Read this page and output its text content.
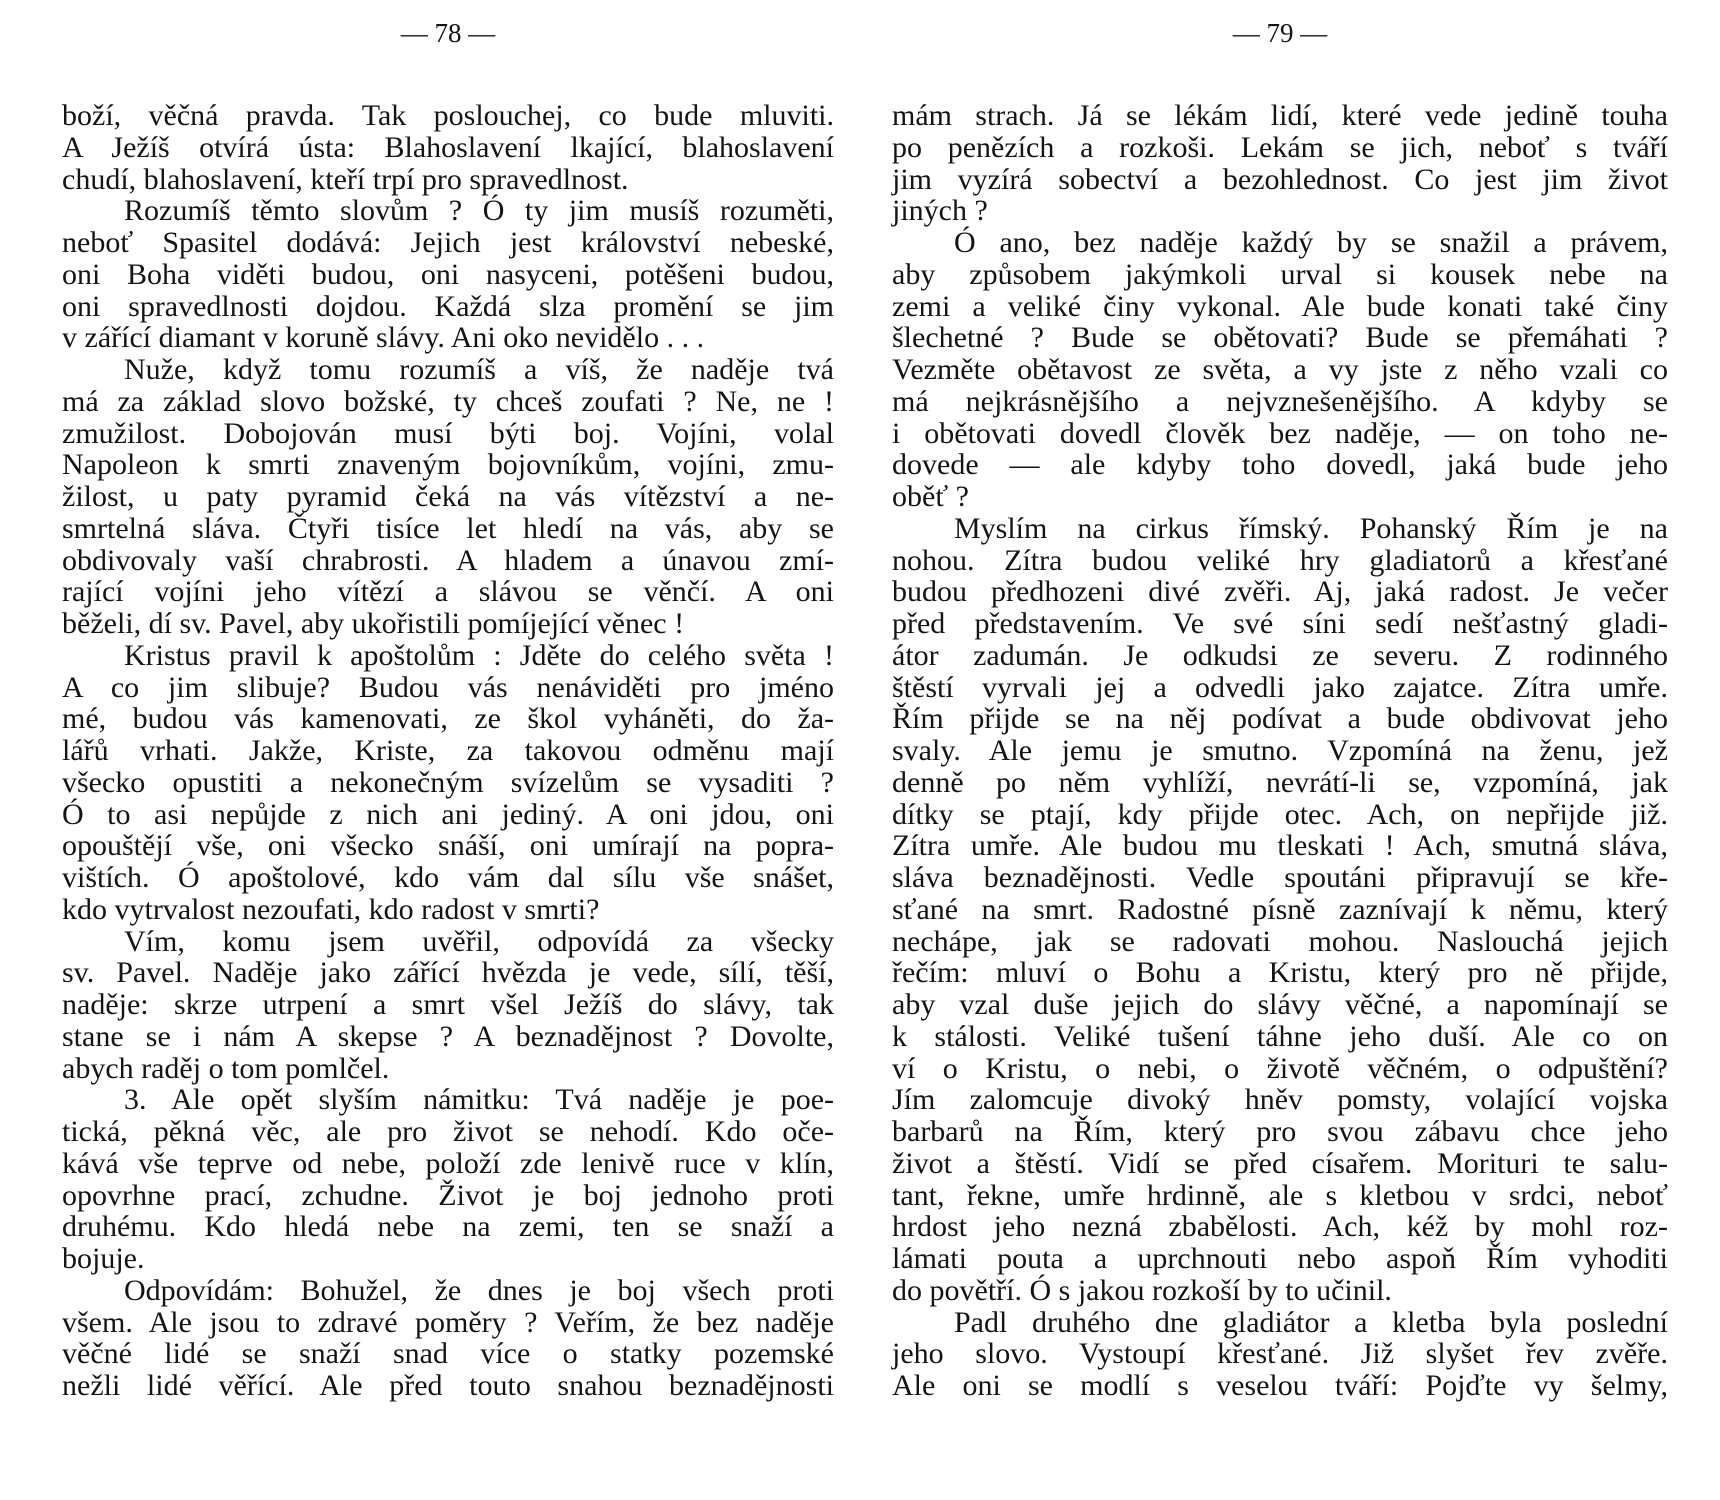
— 78 —
boží, věčná pravda. Tak poslouchej, co bude mluviti.
A Ježíš otvírá ústa: Blahoslavení lkající, blahoslavení
chudí, blahoslavení, kteří trpí pro spravedlnost.
Rozumíš těmto slovům ? Ó ty jim musíš rozuměti,
neboť Spasitel dodává: Jejich jest království nebeské,
oni Boha viděti budou, oni nasyceni, potěšeni budou,
oni spravedlnosti dojdou. Každá slza promění se jim
v zářící diamant v koruně slávy. Ani oko nevidělo . . .
Nuže, když tomu rozumíš a víš, že naděje tvá
má za základ slovo božské, ty chceš zoufati ? Ne, ne !
zmužilost. Dobojován musí býti boj. Vojíni, volal
Napoleon k smrti znaveným bojovníkům, vojíni, zmu-
žilost, u paty pyramid čeká na vás vítězství a ne-
smrtelná sláva. Čtyři tisíce let hledí na vás, aby se
obdivovaly vaší chrabrosti. A hladem a únavou zmí-
rající vojíni jeho vítězí a slávou se věnčí. A oni
běželi, dí sv. Pavel, aby ukořistili pomíjející věnec !
Kristus pravil k apoštolům : Jděte do celého světa !
A co jim slibuje? Budou vás nenáviděti pro jméno
mé, budou vás kamenovati, ze škol vyháněti, do ža-
lářů vrhati. Jakže, Kriste, za takovou odměnu mají
všecko opustiti a nekonečným svízelům se vysaditi ?
Ó to asi nepůjde z nich ani jediný. A oni jdou, oni
opouštějí vše, oni všecko snáší, oni umírají na popra-
vištích. Ó apoštolové, kdo vám dal sílu vše snášet,
kdo vytrvalost nezoufati, kdo radost v smrti?
Vím, komu jsem uvěřil, odpovídá za všecky
sv. Pavel. Naděje jako zářící hvězda je vede, sílí, těší,
naděje: skrze utrpení a smrt všel Ježíš do slávy, tak
stane se i nám A skepse ? A beznadějnost ? Dovolte,
abych raděj o tom pomlčel.
3. Ale opět slyším námitku: Tvá naděje je poe-
tická, pěkná věc, ale pro život se nehodí. Kdo oče-
kává vše teprve od nebe, položí zde lenivě ruce v klín,
opovrhne prací, zchudne. Život je boj jednoho proti
druhému. Kdo hledá nebe na zemi, ten se snaží a
bojuje.
Odpovídám: Bohužel, že dnes je boj všech proti
všem. Ale jsou to zdravé poměry ? Veřím, že bez naděje
věčné lidé se snaží snad více o statky pozemské
nežli lidé věřící. Ale před touto snahou beznadějnosti
— 79 —
mám strach. Já se lékám lidí, které vede jedině touha
po penězích a rozkoši. Lekám se jich, neboť s tváří
jim vyzírá sobectví a bezohlednost. Co jest jim život
jiných ?
Ó ano, bez naděje každý by se snažil a právem,
aby způsobem jakýmkoli urval si kousek nebe na
zemi a veliké činy vykonal. Ale bude konati také činy
šlechetné ? Bude se obětovati? Bude se přemáhati ?
Vezměte obětavost ze světa, a vy jste z něho vzali co
má nejkrásnějšího a nejvznešenějšího. A kdyby se
i obětovati dovedl člověk bez naděje, — on toho ne-
dovede — ale kdyby toho dovedl, jaká bude jeho
oběť ?
Myslím na cirkus římský. Pohanský Řím je na
nohou. Zítra budou veliké hry gladiatorů a křesťané
budou předhozeni divé zvěři. Aj, jaká radost. Je večer
před představením. Ve své síni sedí nešťastný gladi-
átor zadumán. Je odkudsi ze severu. Z rodinného
štěstí vyrvali jej a odvedli jako zajatce. Zítra umře.
Řím přijde se na něj podívat a bude obdivovat jeho
svaly. Ale jemu je smutno. Vzpomíná na ženu, jež
denně po něm vyhlíží, nevrátí-li se, vzpomíná, jak
dítky se ptají, kdy přijde otec. Ach, on nepřijde již.
Zítra umře. Ale budou mu tleskati ! Ach, smutná sláva,
sláva beznadějnosti. Vedle spoutáni připravují se kře-
sťané na smrt. Radostné písně zaznívají k němu, který
nechápe, jak se radovati mohou. Naslouchá jejich
řečím: mluví o Bohu a Kristu, který pro ně přijde,
aby vzal duše jejich do slávy věčné, a napomínají se
k stálosti. Veliké tušení táhne jeho duší. Ale co on
ví o Kristu, o nebi, o životě věčném, o odpuštění?
Jím zalomcuje divoký hněv pomsty, volající vojska
barbarů na Řím, který pro svou zábavu chce jeho
život a štěstí. Vidí se před císařem. Morituri te salu-
tant, řekne, umře hrdinně, ale s kletbou v srdci, neboť
hrdost jeho nezná zbabělosti. Ach, kéž by mohl roz-
lámati pouta a uprchnouti nebo aspoň Řím vyhoditi
do povětří. Ó s jakou rozkoší by to učinil.
Padl druhého dne gladiátor a kletba byla poslední
jeho slovo. Vystoupí křesťané. Již slyšet řev zvěře.
Ale oni se modlí s veselou tváří: Pojďte vy šelmy,
